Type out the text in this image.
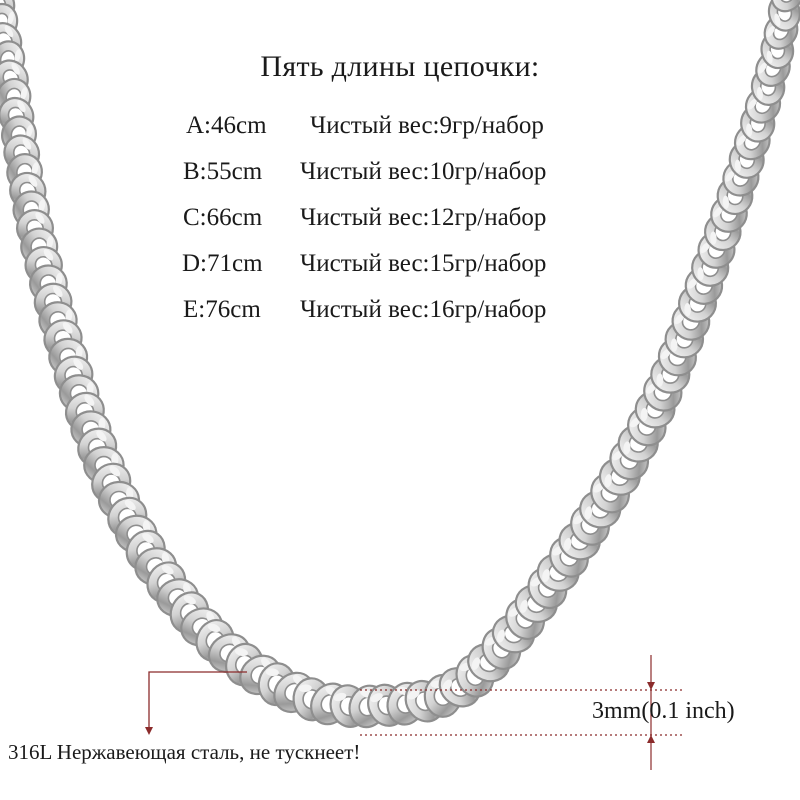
Пять длины цепочки:
A:46cm Чистый вес:9гр/набор
B:55cm Чистый вес:10гр/набор
C:66cm Чистый вес:12гр/набор
D:71cm Чистый вес:15гр/набор
E:76cm Чистый вес:16гр/набор
3mm(0.1 inch)
316L Нержавеющая сталь, не тускнеет!
